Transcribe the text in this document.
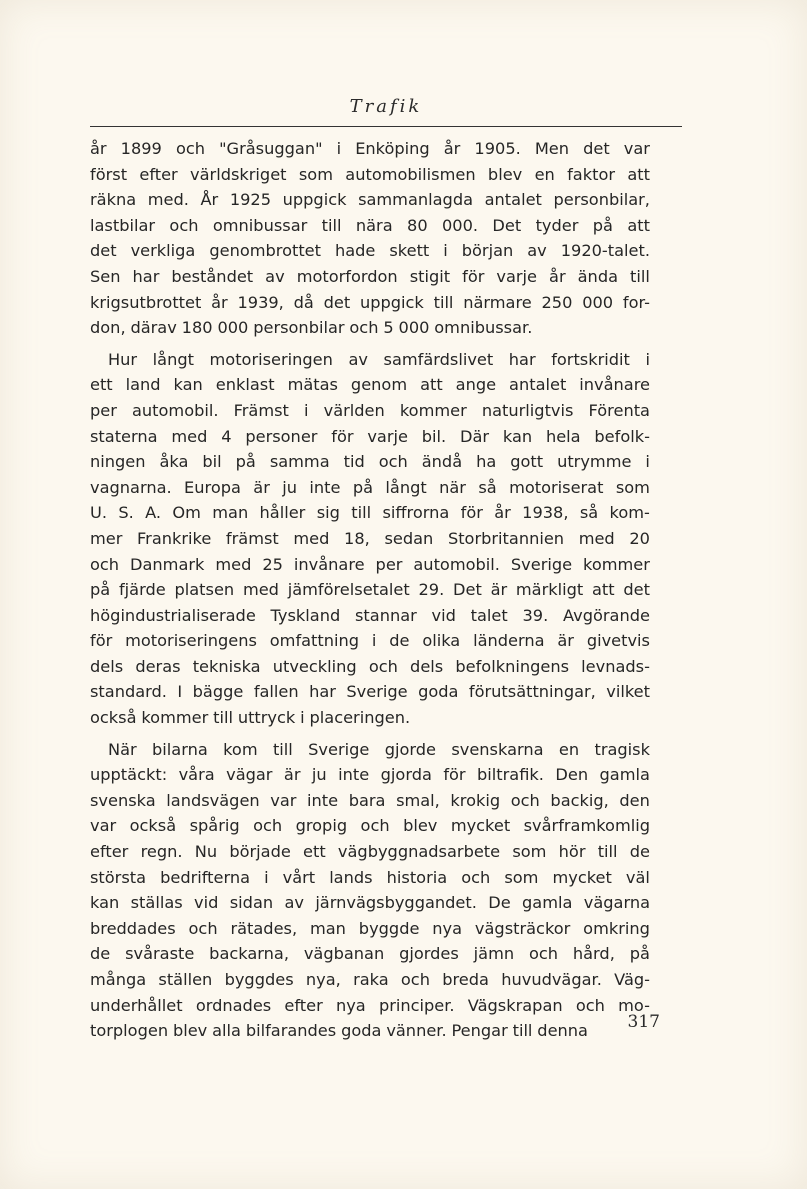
Trafik
år 1899 och "Gråsuggan" i Enköping år 1905. Men det var
först efter världskriget som automobilismen blev en faktor att
räkna med. År 1925 uppgick sammanlagda antalet personbilar,
lastbilar och omnibussar till nära 80 000. Det tyder på att
det verkliga genombrottet hade skett i början av 1920-talet.
Sen har beståndet av motorfordon stigit för varje år ända till
krigsutbrottet år 1939, då det uppgick till närmare 250 000 for-
don, därav 180 000 personbilar och 5 000 omnibussar.
Hur långt motoriseringen av samfärdslivet har fortskridit i
ett land kan enklast mätas genom att ange antalet invånare
per automobil. Främst i världen kommer naturligtvis Förenta
staterna med 4 personer för varje bil. Där kan hela befolk-
ningen åka bil på samma tid och ändå ha gott utrymme i
vagnarna. Europa är ju inte på långt när så motoriserat som
U. S. A. Om man håller sig till siffrorna för år 1938, så kom-
mer Frankrike främst med 18, sedan Storbritannien med 20
och Danmark med 25 invånare per automobil. Sverige kommer
på fjärde platsen med jämförelsetalet 29. Det är märkligt att det
högindustrialiserade Tyskland stannar vid talet 39. Avgörande
för motoriseringens omfattning i de olika länderna är givetvis
dels deras tekniska utveckling och dels befolkningens levnads-
standard. I bägge fallen har Sverige goda förutsättningar, vilket
också kommer till uttryck i placeringen.
När bilarna kom till Sverige gjorde svenskarna en tragisk
upptäckt: våra vägar är ju inte gjorda för biltrafik. Den gamla
svenska landsvägen var inte bara smal, krokig och backig, den
var också spårig och gropig och blev mycket svårframkomlig
efter regn. Nu började ett vägbyggnadsarbete som hör till de
största bedrifterna i vårt lands historia och som mycket väl
kan ställas vid sidan av järnvägsbyggandet. De gamla vägarna
breddades och rätades, man byggde nya vägsträckor omkring
de svåraste backarna, vägbanan gjordes jämn och hård, på
många ställen byggdes nya, raka och breda huvudvägar. Väg-
underhållet ordnades efter nya principer. Vägskrapan och mo-
torplogen blev alla bilfarandes goda vänner. Pengar till denna	317
